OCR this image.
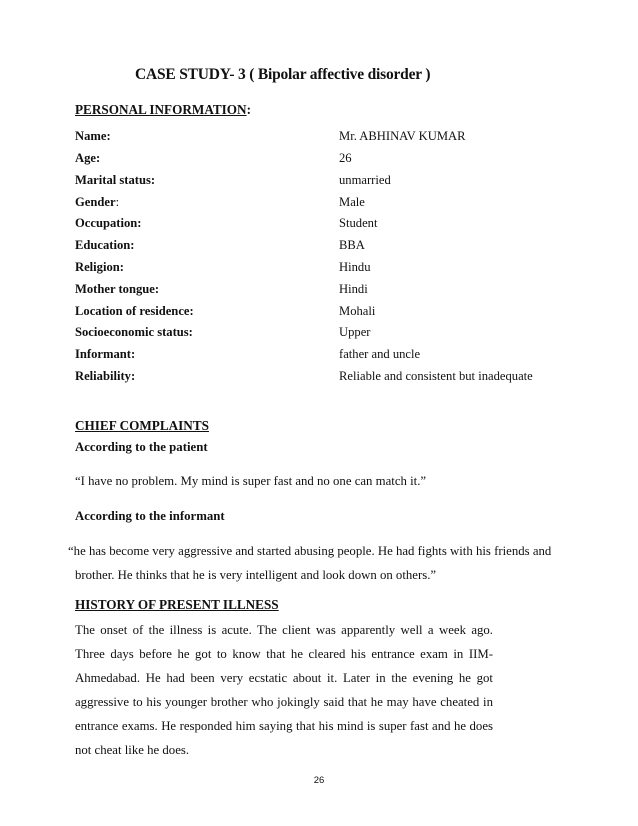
CASE STUDY- 3 ( Bipolar affective disorder )
PERSONAL INFORMATION:
Name:	Mr. ABHINAV KUMAR
Age:	26
Marital status:	unmarried
Gender:	Male
Occupation:	Student
Education:	BBA
Religion:	Hindu
Mother tongue:	Hindi
Location of residence:	Mohali
Socioeconomic status:	Upper
Informant:	father and uncle
Reliability:	Reliable and consistent but inadequate
CHIEF COMPLAINTS
According to the patient
“I have no problem. My mind is super fast and no one can match it.”
According to the informant
“he has become very aggressive and started abusing people. He had fights with his friends and
brother. He thinks that he is very intelligent and look down on others.”
HISTORY OF PRESENT ILLNESS
The onset of the illness is acute. The client was apparently well a week ago. Three days before he got to know that he cleared his entrance exam in IIM-Ahmedabad. He had been very ecstatic about it. Later in the evening he got aggressive to his younger brother who jokingly said that he may have cheated in entrance exams. He responded him saying that his mind is super fast and he does not cheat like he does.
26
